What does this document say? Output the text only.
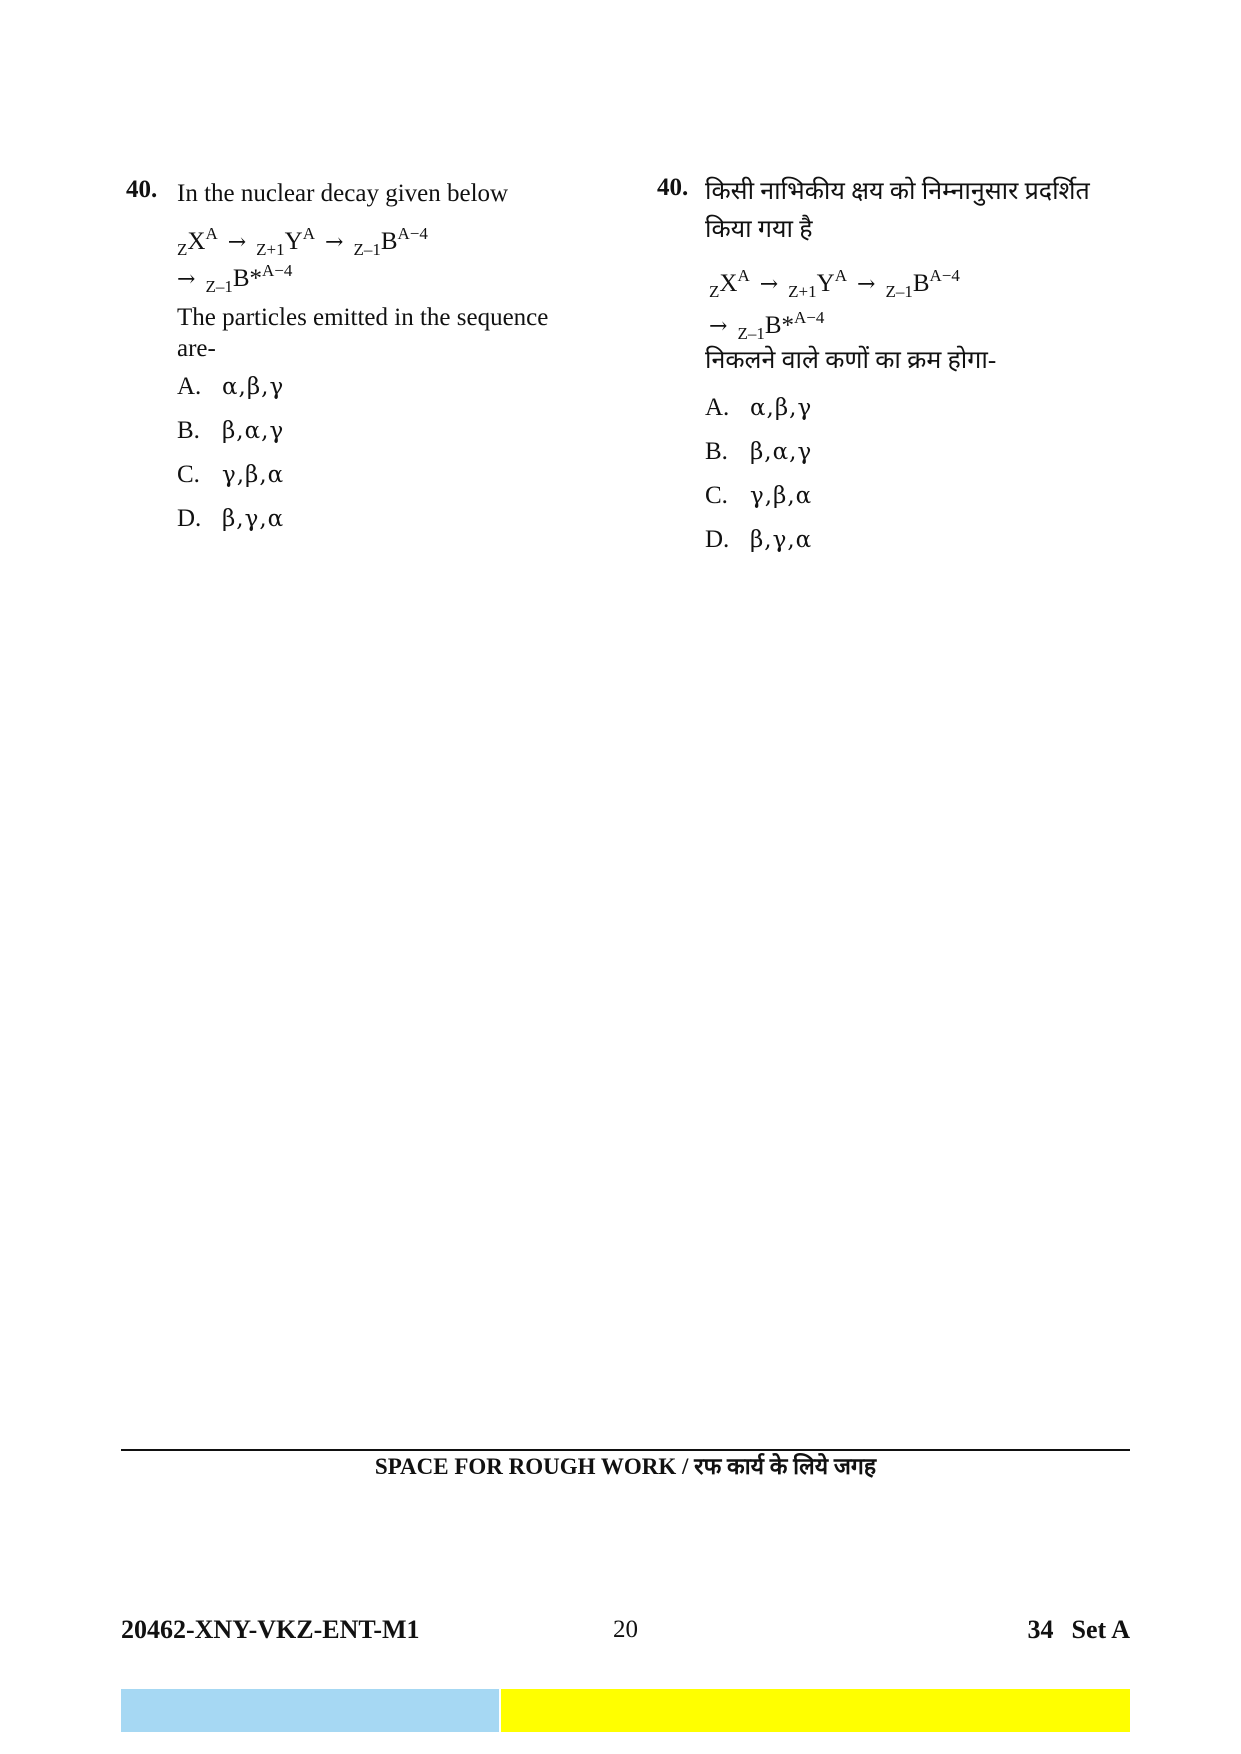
40. In the nuclear decay given below
$_ZX^A \to _{Z+1}Y^A \to _{Z-1}B^{A-4}$
→ $_{Z-1}$B*$^{A-4}$
The particles emitted in the sequence
are-
A. α,β,γ
B. β,α,γ
C. γ,β,α
D. β,γ,α
40. किसी नाभिकीय क्षय को निम्नानुसार प्रदर्शित
किया गया है
$_ZX^A \to _{Z+1}Y^A \to _{Z-1}B^{A-4}$
→ $_{Z-1}$B*$^{A-4}$
निकलने वाले कणों का क्रम होगा-
A. α,β,γ
B. β,α,γ
C. γ,β,α
D. β,γ,α
SPACE FOR ROUGH WORK / रफ कार्य के लिये जगह
20462-XNY-VKZ-ENT-M1	20	34 Set A
